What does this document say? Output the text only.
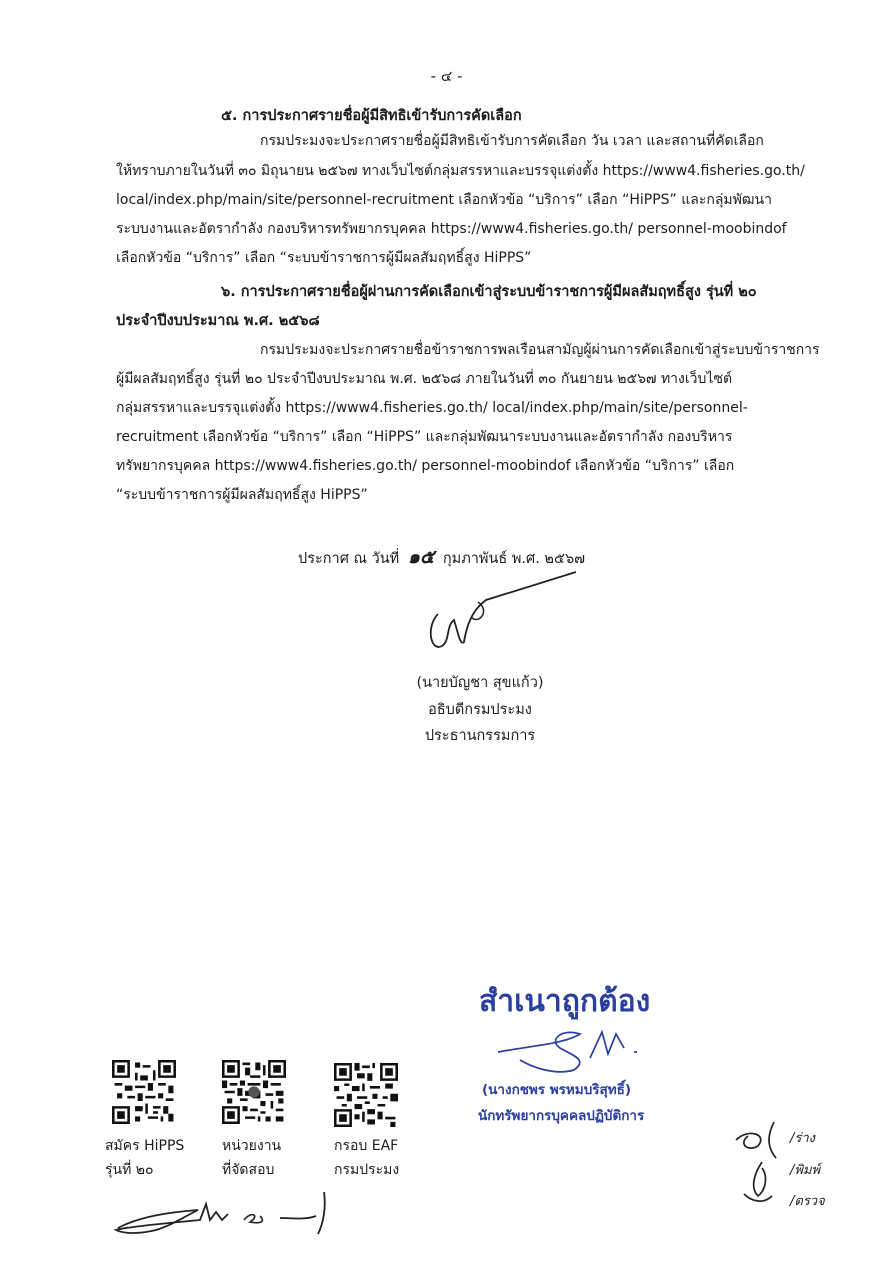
- ๔ -
๕. การประกาศรายชื่อผู้มีสิทธิเข้ารับการคัดเลือก
กรมประมงจะประกาศรายชื่อผู้มีสิทธิเข้ารับการคัดเลือก วัน เวลา และสถานที่คัดเลือก
ให้ทราบภายในวันที่ ๓๐ มิถุนายน ๒๕๖๗ ทางเว็บไซต์กลุ่มสรรหาและบรรจุแต่งตั้ง https://www4.fisheries.go.th/
local/index.php/main/site/personnel-recruitment เลือกหัวข้อ “บริการ” เลือก “HiPPS” และกลุ่มพัฒนา
ระบบงานและอัตรากำลัง กองบริหารทรัพยากรบุคคล https://www4.fisheries.go.th/ personnel-moobindof
เลือกหัวข้อ “บริการ” เลือก “ระบบข้าราชการผู้มีผลสัมฤทธิ์สูง HiPPS”
๖. การประกาศรายชื่อผู้ผ่านการคัดเลือกเข้าสู่ระบบข้าราชการผู้มีผลสัมฤทธิ์สูง รุ่นที่ ๒๐
ประจำปีงบประมาณ พ.ศ. ๒๕๖๘
กรมประมงจะประกาศรายชื่อข้าราชการพลเรือนสามัญผู้ผ่านการคัดเลือกเข้าสู่ระบบข้าราชการ
ผู้มีผลสัมฤทธิ์สูง รุ่นที่ ๒๐ ประจำปีงบประมาณ พ.ศ. ๒๕๖๘ ภายในวันที่ ๓๐ กันยายน ๒๕๖๗ ทางเว็บไซต์
กลุ่มสรรหาและบรรจุแต่งตั้ง https://www4.fisheries.go.th/ local/index.php/main/site/personnel-
recruitment เลือกหัวข้อ “บริการ” เลือก “HiPPS” และกลุ่มพัฒนาระบบงานและอัตรากำลัง กองบริหาร
ทรัพยากรบุคคล https://www4.fisheries.go.th/ personnel-moobindof เลือกหัวข้อ “บริการ” เลือก
“ระบบข้าราชการผู้มีผลสัมฤทธิ์สูง HiPPS”
ประกาศ ณ วันที่ ๑๕ กุมภาพันธ์ พ.ศ. ๒๕๖๗
(นายบัญชา สุขแก้ว)
อธิบดีกรมประมง
ประธานกรรมการ
สำเนาถูกต้อง
(นางกชพร พรหมบริสุทธิ์)
นักทรัพยากรบุคคลปฏิบัติการ
สมัคร HiPPS
รุ่นที่ ๒๐
หน่วยงาน
ที่จัดสอบ
กรอบ EAF
กรมประมง
/ร่าง
/พิมพ์
/ตรวจ
